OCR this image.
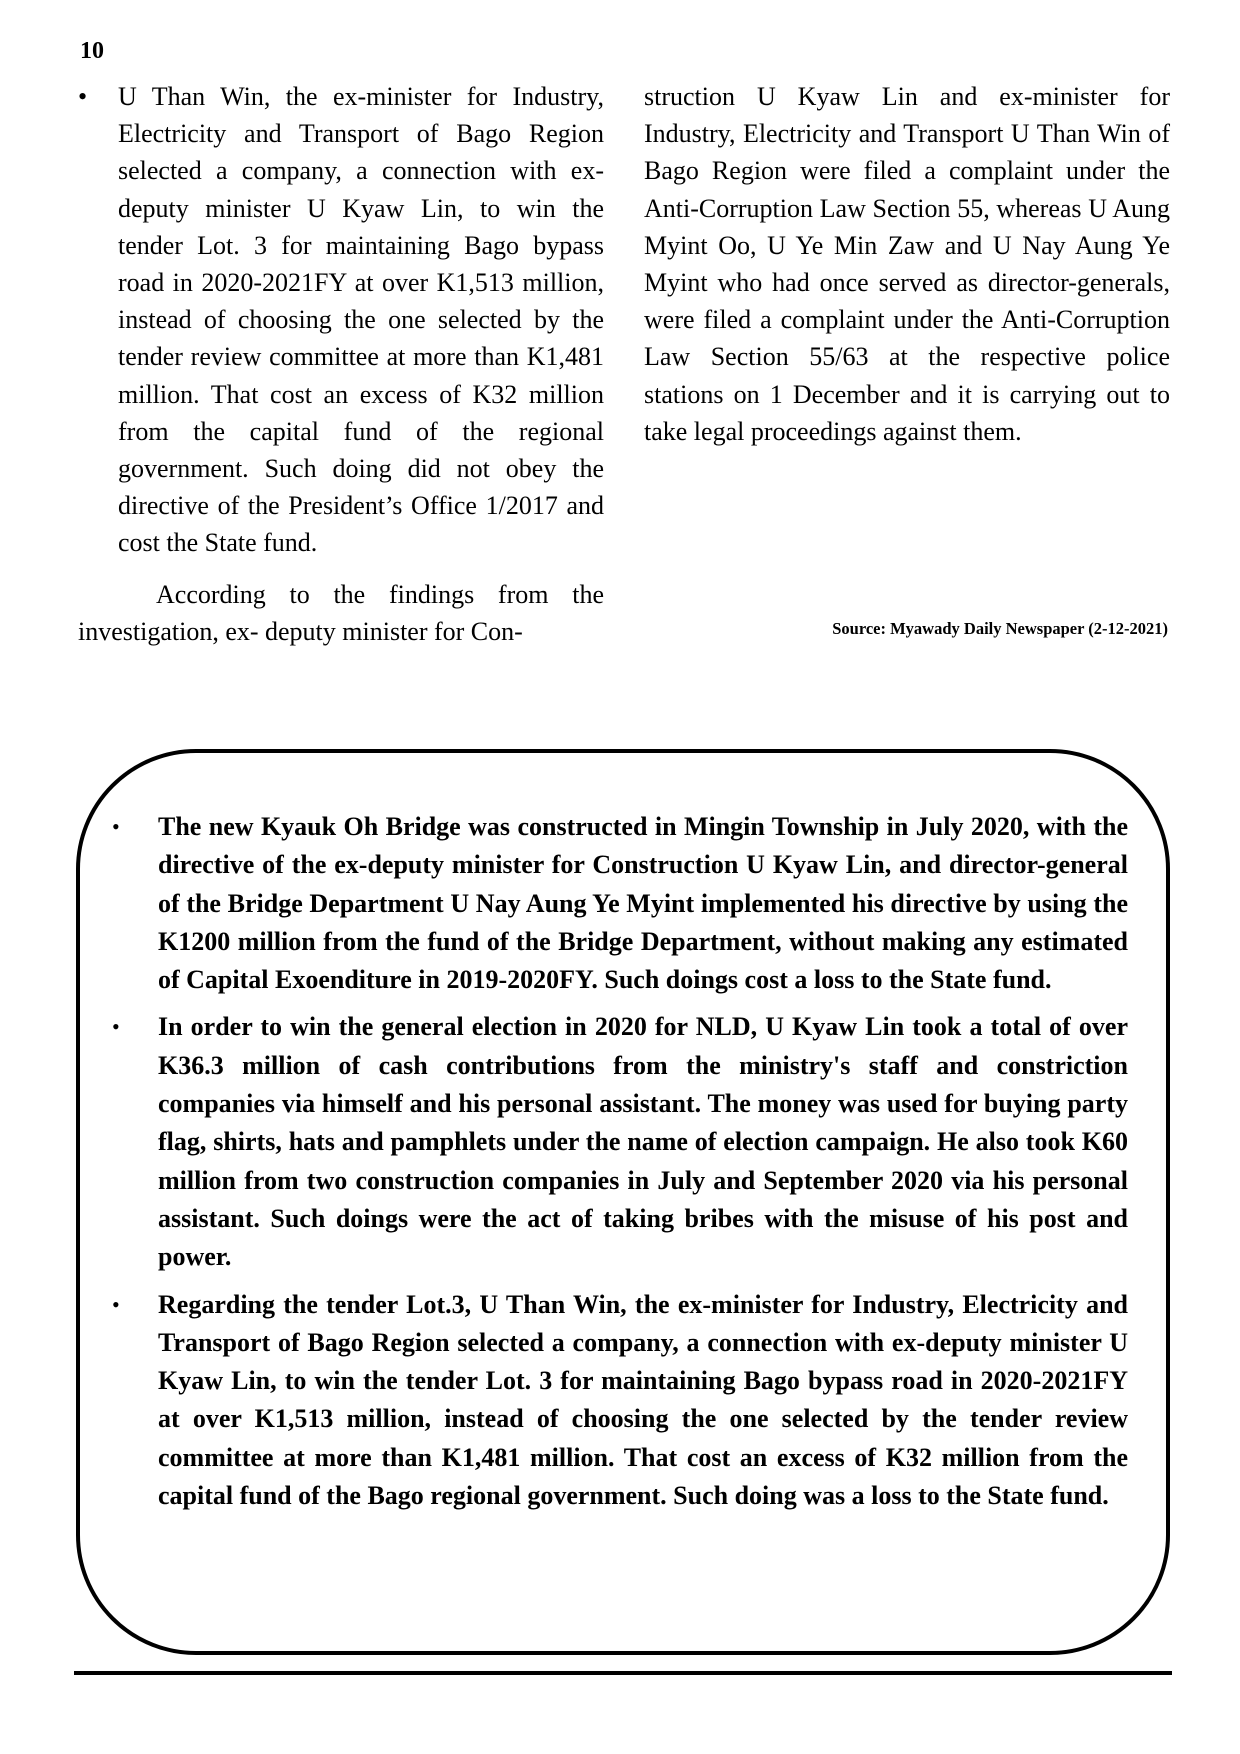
10

•	U Than Win, the ex-minister for Industry, Electricity and Transport of Bago Region selected a company, a connection with ex-deputy minister U Kyaw Lin, to win the tender Lot. 3 for maintaining Bago bypass road in 2020-2021FY at over K1,513 million, instead of choosing the one selected by the tender review committee at more than K1,481 million. That cost an excess of K32 million from the capital fund of the regional government. Such doing did not obey the directive of the President’s Office 1/2017 and cost the State fund.

According to the findings from the investigation, ex- deputy minister for Con-

struction U Kyaw Lin and ex-minister for Industry, Electricity and Transport U Than Win of Bago Region were filed a complaint under the Anti-Corruption Law Section 55, whereas U Aung Myint Oo, U Ye Min Zaw and U Nay Aung Ye Myint who had once served as director-generals, were filed a complaint under the Anti-Corruption Law Section 55/63 at the respective police stations on 1 December and it is carrying out to take legal proceedings against them.

Source: Myawady Daily Newspaper (2-12-2021)
•	The new Kyauk Oh Bridge was constructed in Mingin Township in July 2020, with the directive of the ex-deputy minister for Construction U Kyaw Lin, and director-general of the Bridge Department U Nay Aung Ye Myint implemented his directive by using the K1200 million from the fund of the Bridge Department, without making any estimated of Capital Exoenditure in 2019-2020FY. Such doings cost a loss to the State fund.
•	In order to win the general election in 2020 for NLD, U Kyaw Lin took a total of over K36.3 million of cash contributions from the ministry's staff and constriction companies via himself and his personal assistant. The money was used for buying party flag, shirts, hats and pamphlets under the name of election campaign. He also took K60 million from two construction companies in July and September 2020 via his personal assistant. Such doings were the act of taking bribes with the misuse of his post and power.
•	Regarding the tender Lot.3, U Than Win, the ex-minister for Industry, Electricity and Transport of Bago Region selected a company, a connection with ex-deputy minister U Kyaw Lin, to win the tender Lot. 3 for maintaining Bago bypass road in 2020-2021FY at over K1,513 million, instead of choosing the one selected by the tender review committee at more than K1,481 million. That cost an excess of K32 million from the capital fund of the Bago regional government. Such doing was a loss to the State fund.
